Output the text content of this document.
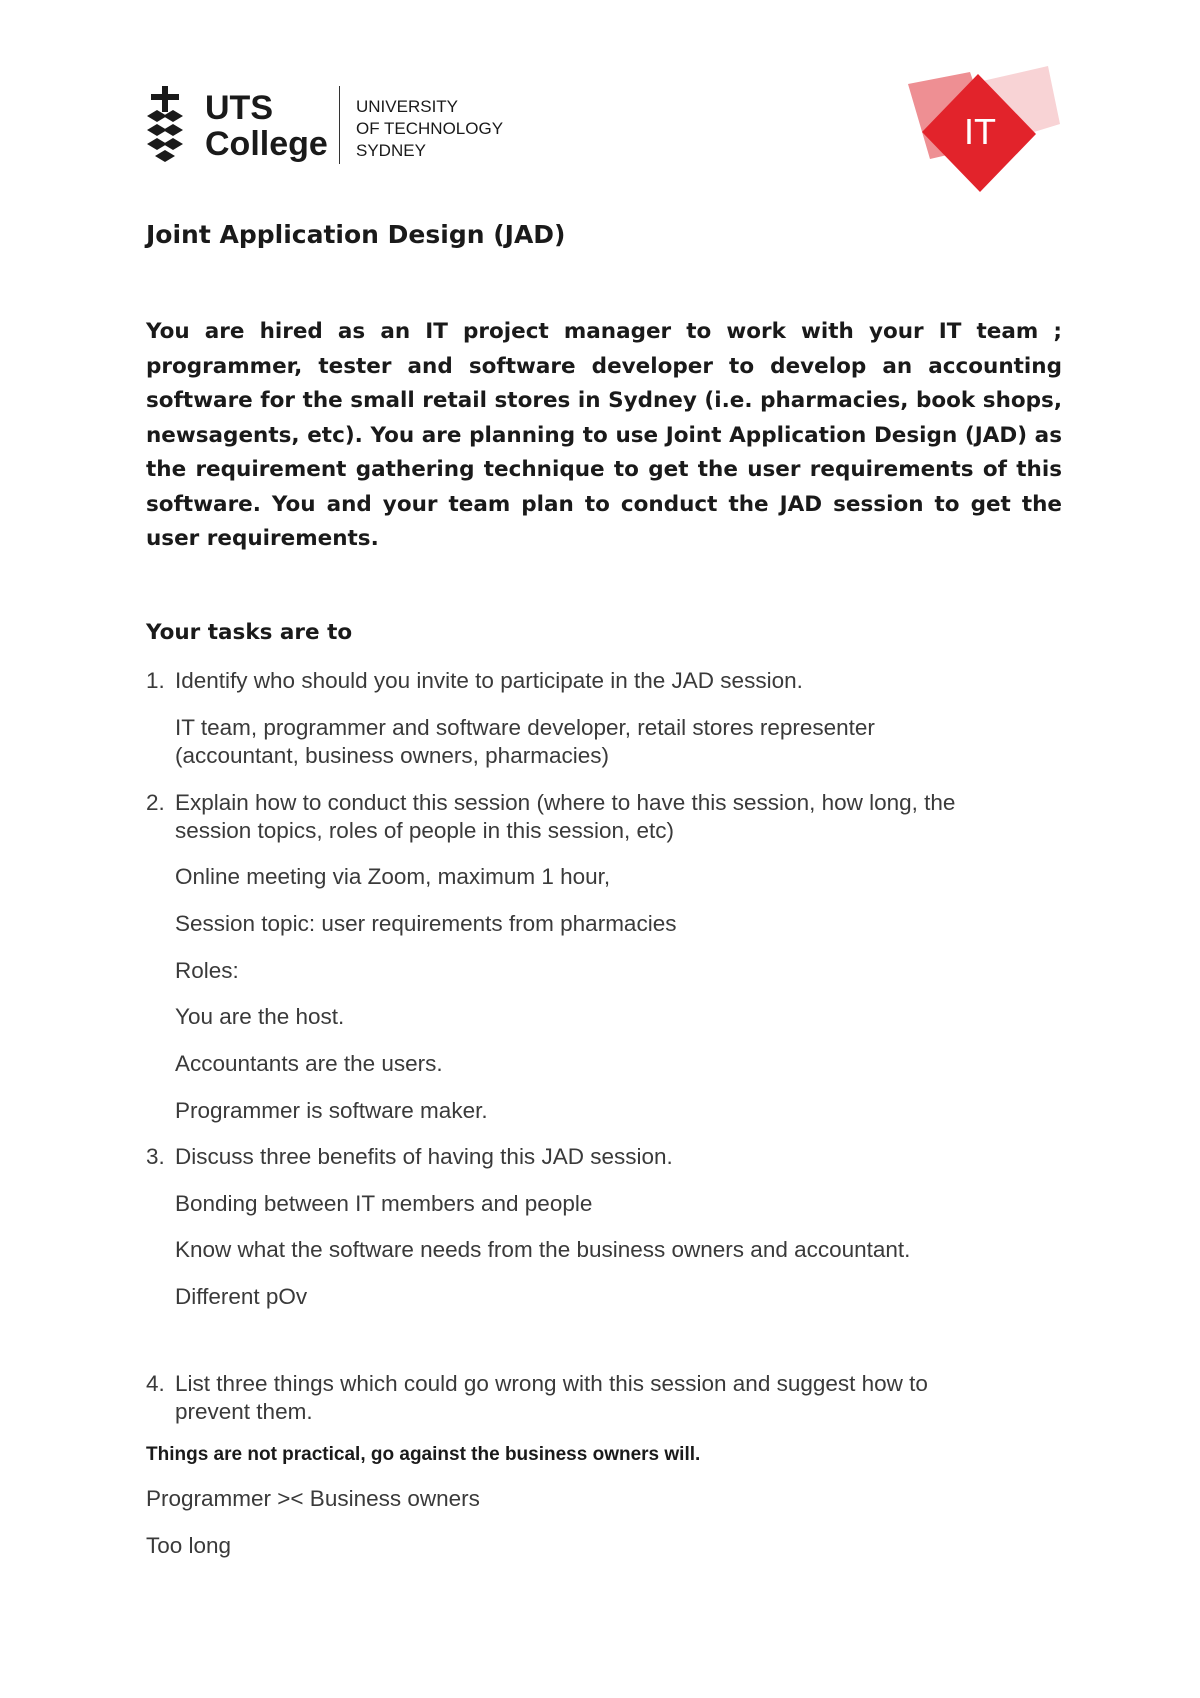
UTS
College
UNIVERSITY
OF TECHNOLOGY
SYDNEY	IT
Joint Application Design (JAD)
You are hired as an IT project manager to work with your IT team ; programmer, tester and software developer to develop an accounting software for the small retail stores in Sydney (i.e. pharmacies, book shops, newsagents, etc). You are planning to use Joint Application Design (JAD) as the requirement gathering technique to get the user requirements of this software. You and your team plan to conduct the JAD session to get the user requirements.
Your tasks are to
1. Identify who should you invite to participate in the JAD session.
IT team, programmer and software developer, retail stores representer
(accountant, business owners, pharmacies)
2. Explain how to conduct this session (where to have this session, how long, the
session topics, roles of people in this session, etc)
Online meeting via Zoom, maximum 1 hour,
Session topic: user requirements from pharmacies
Roles:
You are the host.
Accountants are the users.
Programmer is software maker.
3. Discuss three benefits of having this JAD session.
Bonding between IT members and people
Know what the software needs from the business owners and accountant.
Different pOv
4. List three things which could go wrong with this session and suggest how to
prevent them.
Things are not practical, go against the business owners will.
Programmer >< Business owners
Too long
